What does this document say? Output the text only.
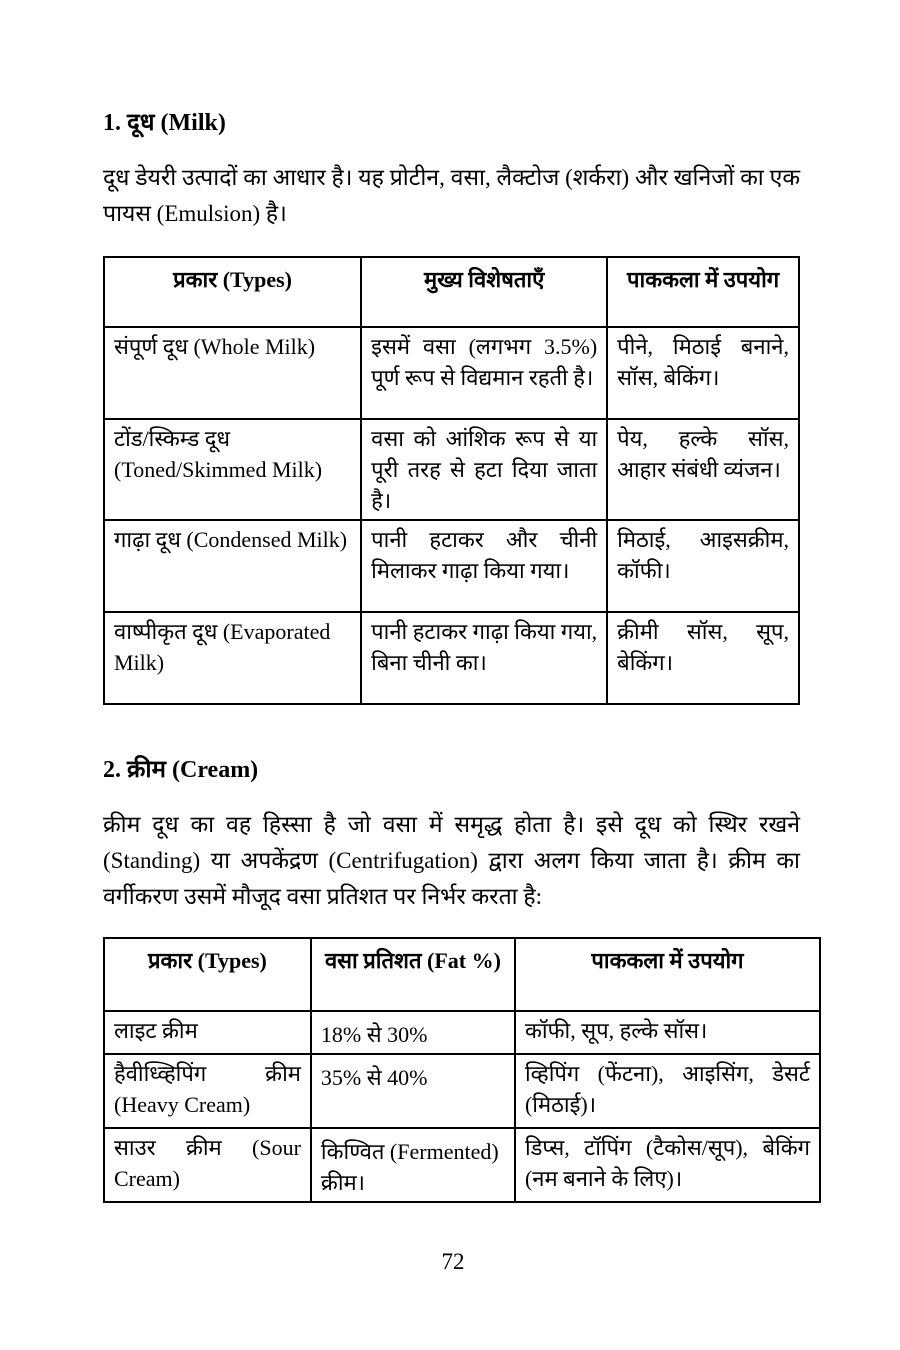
1. दूध (Milk)

दूध डेयरी उत्पादों का आधार है। यह प्रोटीन, वसा, लैक्टोज (शर्करा) और खनिजों का एक पायस (Emulsion) है।

प्रकार (Types)	मुख्य विशेषताएँ	पाककला में उपयोग
संपूर्ण दूध (Whole Milk)	इसमें वसा (लगभग 3.5%) पूर्ण रूप से विद्यमान रहती है।	पीने, मिठाई बनाने, सॉस, बेकिंग।
टोंड/स्किम्ड दूध (Toned/Skimmed Milk)	वसा को आंशिक रूप से या पूरी तरह से हटा दिया जाता है।	पेय, हल्के सॉस, आहार संबंधी व्यंजन।
गाढ़ा दूध (Condensed Milk)	पानी हटाकर और चीनी मिलाकर गाढ़ा किया गया।	मिठाई, आइसक्रीम, कॉफी।
वाष्पीकृत दूध (Evaporated Milk)	पानी हटाकर गाढ़ा किया गया, बिना चीनी का।	क्रीमी सॉस, सूप, बेकिंग।
2. क्रीम (Cream)

क्रीम दूध का वह हिस्सा है जो वसा में समृद्ध होता है। इसे दूध को स्थिर रखने (Standing) या अपकेंद्रण (Centrifugation) द्वारा अलग किया जाता है। क्रीम का वर्गीकरण उसमें मौजूद वसा प्रतिशत पर निर्भर करता है:

प्रकार (Types)	वसा प्रतिशत (Fat %)	पाककला में उपयोग
लाइट क्रीम	18% से 30%	कॉफी, सूप, हल्के सॉस।
हैवीध्व्हिपिंग क्रीम (Heavy Cream)	35% से 40%	व्हिपिंग (फेंटना), आइसिंग, डेसर्ट (मिठाई)।
साउर क्रीम (Sour Cream)	किण्वित (Fermented) क्रीम।	डिप्स, टॉपिंग (टैकोस/सूप), बेकिंग (नम बनाने के लिए)।
72
